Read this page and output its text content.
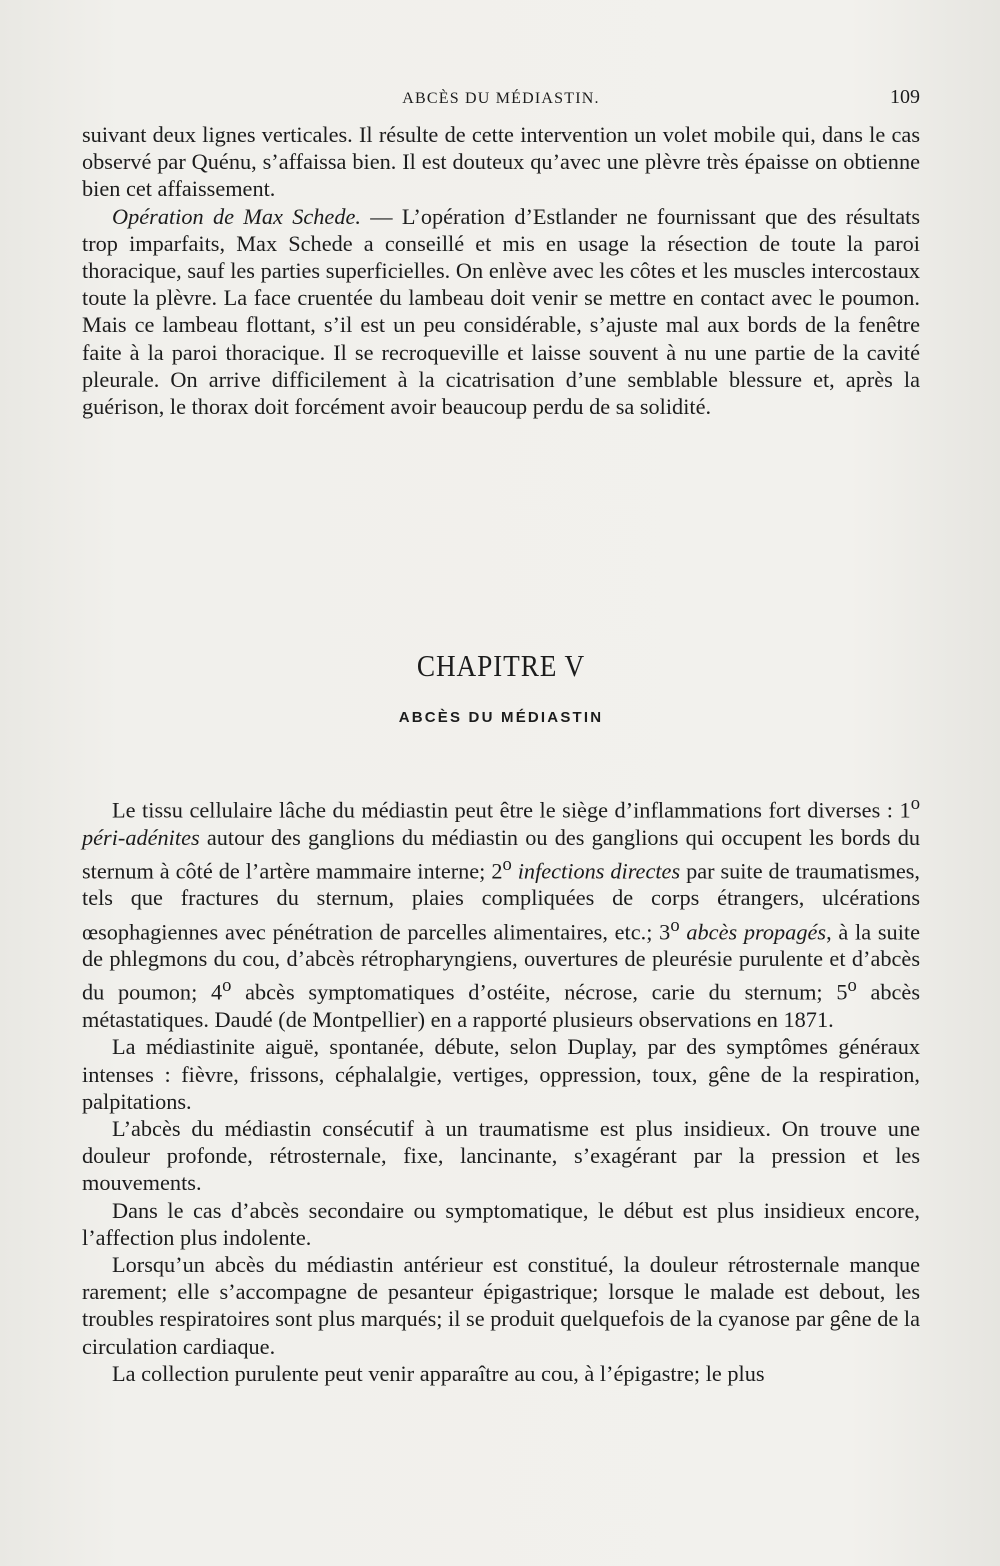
ABCÈS DU MÉDIASTIN.	109

suivant deux lignes verticales. Il résulte de cette intervention un volet mobile qui, dans le cas observé par Quénu, s’affaissa bien. Il est douteux qu’avec une plèvre très épaisse on obtienne bien cet affaissement.

Opération de Max Schede. — L’opération d’Estlander ne fournissant que des résultats trop imparfaits, Max Schede a conseillé et mis en usage la résection de toute la paroi thoracique, sauf les parties superficielles. On enlève avec les côtes et les muscles intercostaux toute la plèvre. La face cruentée du lambeau doit venir se mettre en contact avec le poumon. Mais ce lambeau flottant, s’il est un peu considérable, s’ajuste mal aux bords de la fenêtre faite à la paroi thoracique. Il se recroqueville et laisse souvent à nu une partie de la cavité pleurale. On arrive difficilement à la cicatrisation d’une semblable blessure et, après la guérison, le thorax doit forcément avoir beaucoup perdu de sa solidité.

CHAPITRE V
ABCÈS DU MÉDIASTIN

Le tissu cellulaire lâche du médiastin peut être le siège d’inflammations fort diverses : 1$^o$ péri-adénites autour des ganglions du médiastin ou des ganglions qui occupent les bords du sternum à côté de l’artère mammaire interne; 2$^o$ infections directes par suite de traumatismes, tels que fractures du sternum, plaies compliquées de corps étrangers, ulcérations œsophagiennes avec pénétration de parcelles alimentaires, etc.; 3$^o$ abcès propagés, à la suite de phlegmons du cou, d’abcès rétropharyngiens, ouvertures de pleurésie purulente et d’abcès du poumon; 4$^o$ abcès symptomatiques d’ostéite, nécrose, carie du sternum; 5$^o$ abcès métastatiques. Daudé (de Montpellier) en a rapporté plusieurs observations en 1871.

La médiastinite aiguë, spontanée, débute, selon Duplay, par des symptômes généraux intenses : fièvre, frissons, céphalalgie, vertiges, oppression, toux, gêne de la respiration, palpitations.

L’abcès du médiastin consécutif à un traumatisme est plus insidieux. On trouve une douleur profonde, rétrosternale, fixe, lancinante, s’exagérant par la pression et les mouvements.

Dans le cas d’abcès secondaire ou symptomatique, le début est plus insidieux encore, l’affection plus indolente.

Lorsqu’un abcès du médiastin antérieur est constitué, la douleur rétrosternale manque rarement; elle s’accompagne de pesanteur épigastrique; lorsque le malade est debout, les troubles respiratoires sont plus marqués; il se produit quelquefois de la cyanose par gêne de la circulation cardiaque.

La collection purulente peut venir apparaître au cou, à l’épigastre; le plus
